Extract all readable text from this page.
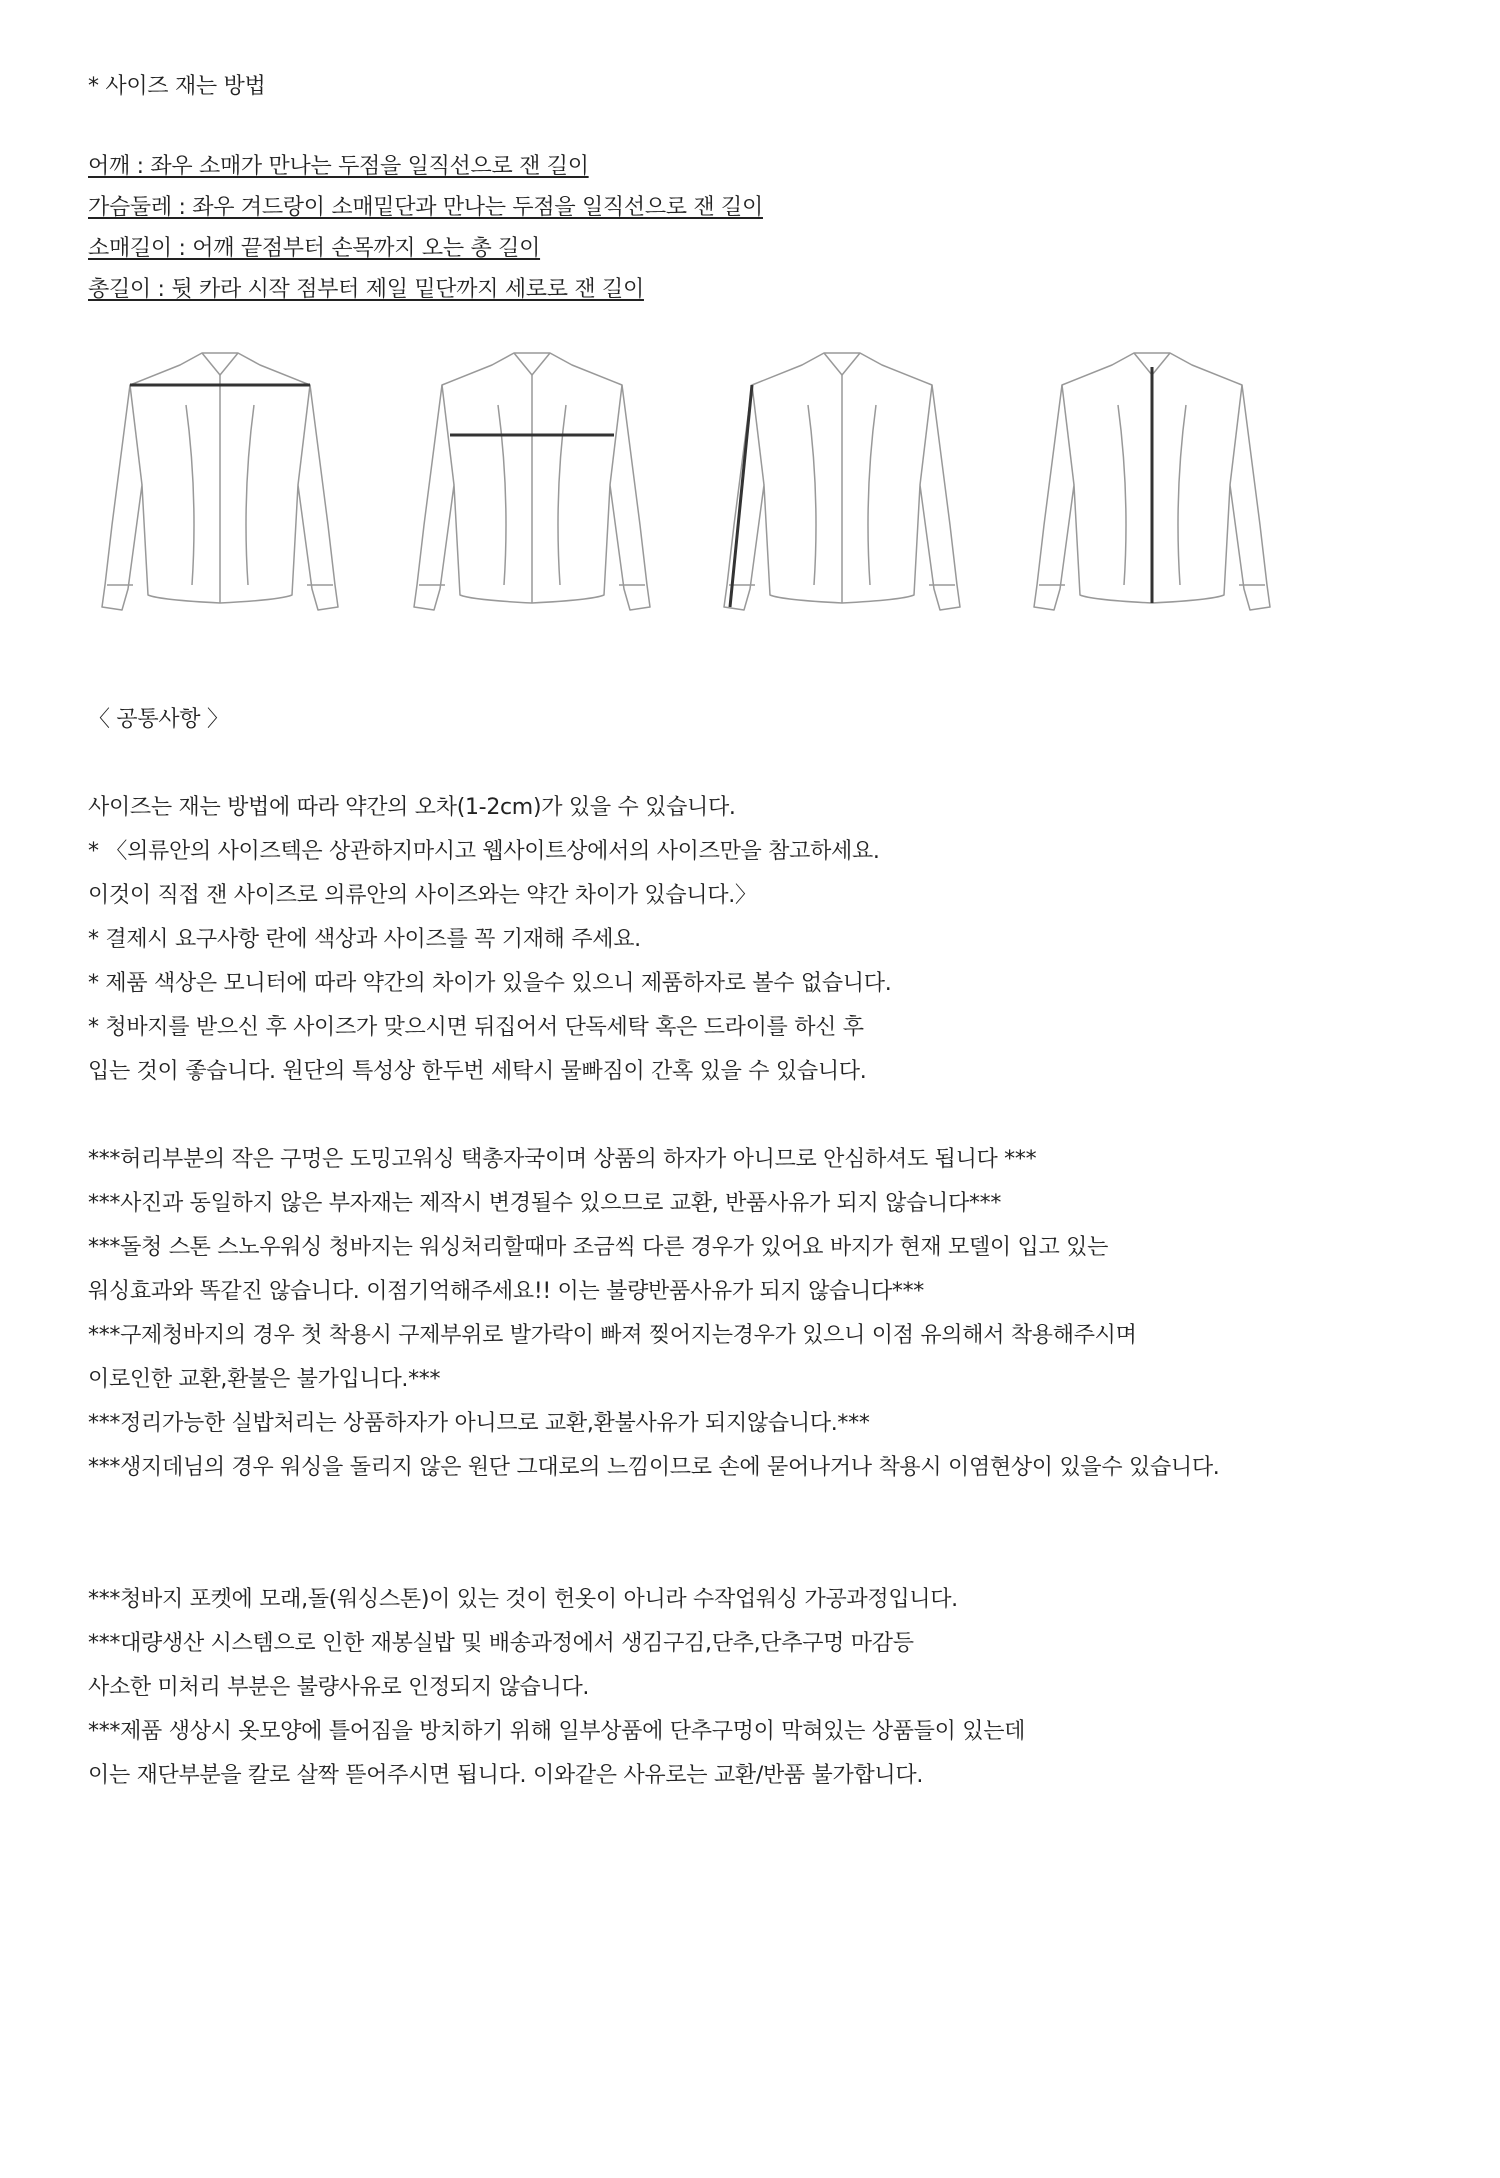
* 사이즈 재는 방법
어깨 : 좌우 소매가 만나는 두점을 일직선으로 잰 길이
가슴둘레 : 좌우 겨드랑이 소매밑단과 만나는 두점을 일직선으로 잰 길이
소매길이 : 어깨 끝점부터 손목까지 오는 총 길이
총길이 : 뒷 카라 시작 점부터 제일 밑단까지 세로로 잰 길이
〈 공통사항 〉
사이즈는 재는 방법에 따라 약간의 오차(1-2cm)가 있을 수 있습니다.
* 〈의류안의 사이즈텍은 상관하지마시고 웹사이트상에서의 사이즈만을 참고하세요.
이것이 직접 잰 사이즈로 의류안의 사이즈와는 약간 차이가 있습니다.〉
* 결제시 요구사항 란에 색상과 사이즈를 꼭 기재해 주세요.
* 제품 색상은 모니터에 따라 약간의 차이가 있을수 있으니 제품하자로 볼수 없습니다.
* 청바지를 받으신 후 사이즈가 맞으시면 뒤집어서 단독세탁 혹은 드라이를 하신 후
입는 것이 좋습니다. 원단의 특성상 한두번 세탁시 물빠짐이 간혹 있을 수 있습니다.
***허리부분의 작은 구멍은 도밍고워싱 택총자국이며 상품의 하자가 아니므로 안심하셔도 됩니다 ***
***사진과 동일하지 않은 부자재는 제작시 변경될수 있으므로 교환, 반품사유가 되지 않습니다***
***돌청 스톤 스노우워싱 청바지는 워싱처리할때마 조금씩 다른 경우가 있어요 바지가 현재 모델이 입고 있는
워싱효과와 똑같진 않습니다. 이점기억해주세요!! 이는 불량반품사유가 되지 않습니다***
***구제청바지의 경우 첫 착용시 구제부위로 발가락이 빠져 찢어지는경우가 있으니 이점 유의해서 착용해주시며
이로인한 교환,환불은 불가입니다.***
***정리가능한 실밥처리는 상품하자가 아니므로 교환,환불사유가 되지않습니다.***
***생지데님의 경우 워싱을 돌리지 않은 원단 그대로의 느낌이므로 손에 묻어나거나 착용시 이염현상이 있을수 있습니다.
***청바지 포켓에 모래,돌(워싱스톤)이 있는 것이 헌옷이 아니라 수작업워싱 가공과정입니다.
***대량생산 시스템으로 인한 재봉실밥 및 배송과정에서 생김구김,단추,단추구멍 마감등
사소한 미처리 부분은 불량사유로 인정되지 않습니다.
***제품 생상시 옷모양에 틀어짐을 방치하기 위해 일부상품에 단추구멍이 막혀있는 상품들이 있는데
이는 재단부분을 칼로 살짝 뜯어주시면 됩니다. 이와같은 사유로는 교환/반품 불가합니다.
